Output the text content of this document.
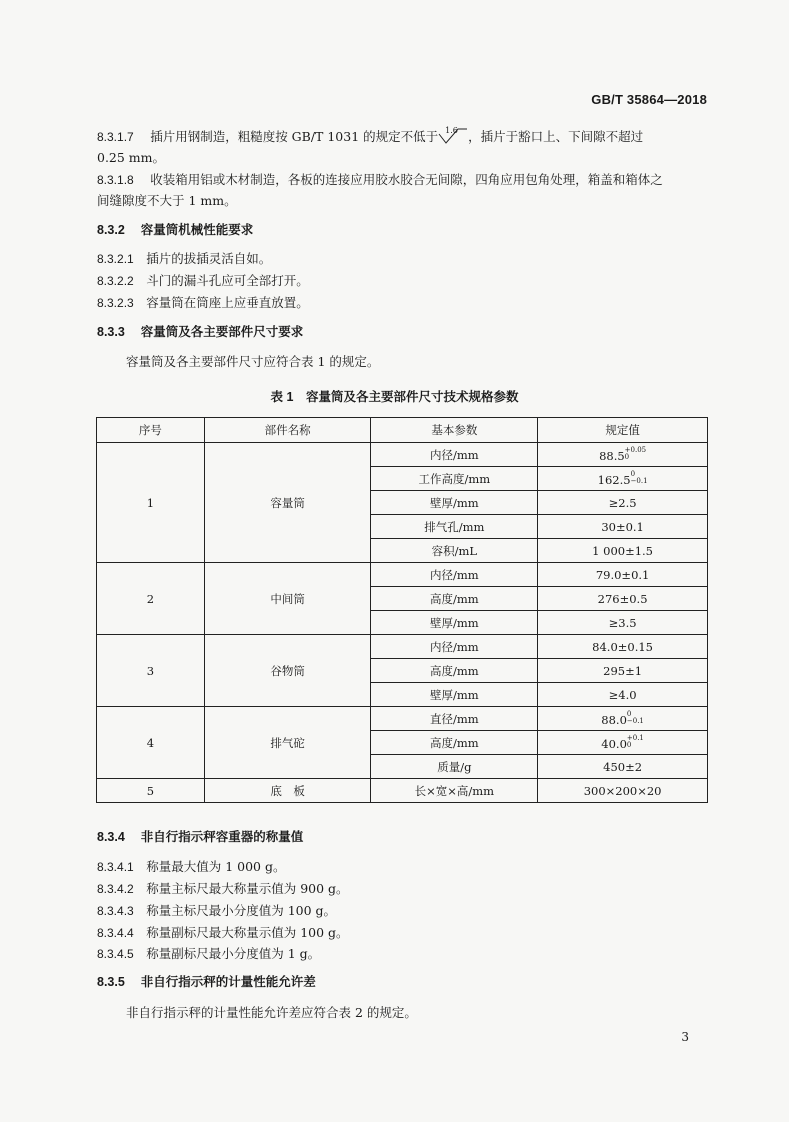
GB/T 35864—2018
8.3.1.7　 插片用钢制造，粗糙度按 GB/T 1031 的规定不低于 1.6 ，插片于豁口上、下间隙不超过
0.25 mm。
8.3.1.8　 收装箱用铝或木材制造，各板的连接应用胶水胶合无间隙，四角应用包角处理，箱盖和箱体之
间缝隙度不大于 1 mm。
8.3.2　 容量筒机械性能要求
8.3.2.1　 插片的拔插灵活自如。
8.3.2.2　 斗门的漏斗孔应可全部打开。
8.3.2.3　 容量筒在筒座上应垂直放置。
8.3.3　 容量筒及各主要部件尺寸要求
容量筒及各主要部件尺寸应符合表 1 的规定。
表 1　容量筒及各主要部件尺寸技术规格参数
序号	部件名称	基本参数	规定值
1	容量筒	内径/mm	88.5 +0.05
0

		工作高度/mm	162.5 0
−0.1

		壁厚/mm	≥2.5
		排气孔/mm	30±0.1
		容积/mL	1 000±1.5
2	中间筒	内径/mm	79.0±0.1
		高度/mm	276±0.5
		壁厚/mm	≥3.5
3	谷物筒	内径/mm	84.0±0.15
		高度/mm	295±1
		壁厚/mm	≥4.0
4	排气砣	直径/mm	88.0 0
−0.1

		高度/mm	40.0 +0.1
0

		质量/g	450±2
5	底　板	长×宽×高/mm	300×200×20
8.3.4　 非自行指示秤容重器的称量值
8.3.4.1　 称量最大值为 1 000 g。
8.3.4.2　 称量主标尺最大称量示值为 900 g。
8.3.4.3　 称量主标尺最小分度值为 100 g。
8.3.4.4　 称量副标尺最大称量示值为 100 g。
8.3.4.5　 称量副标尺最小分度值为 1 g。
8.3.5　 非自行指示秤的计量性能允许差
非自行指示秤的计量性能允许差应符合表 2 的规定。
3
